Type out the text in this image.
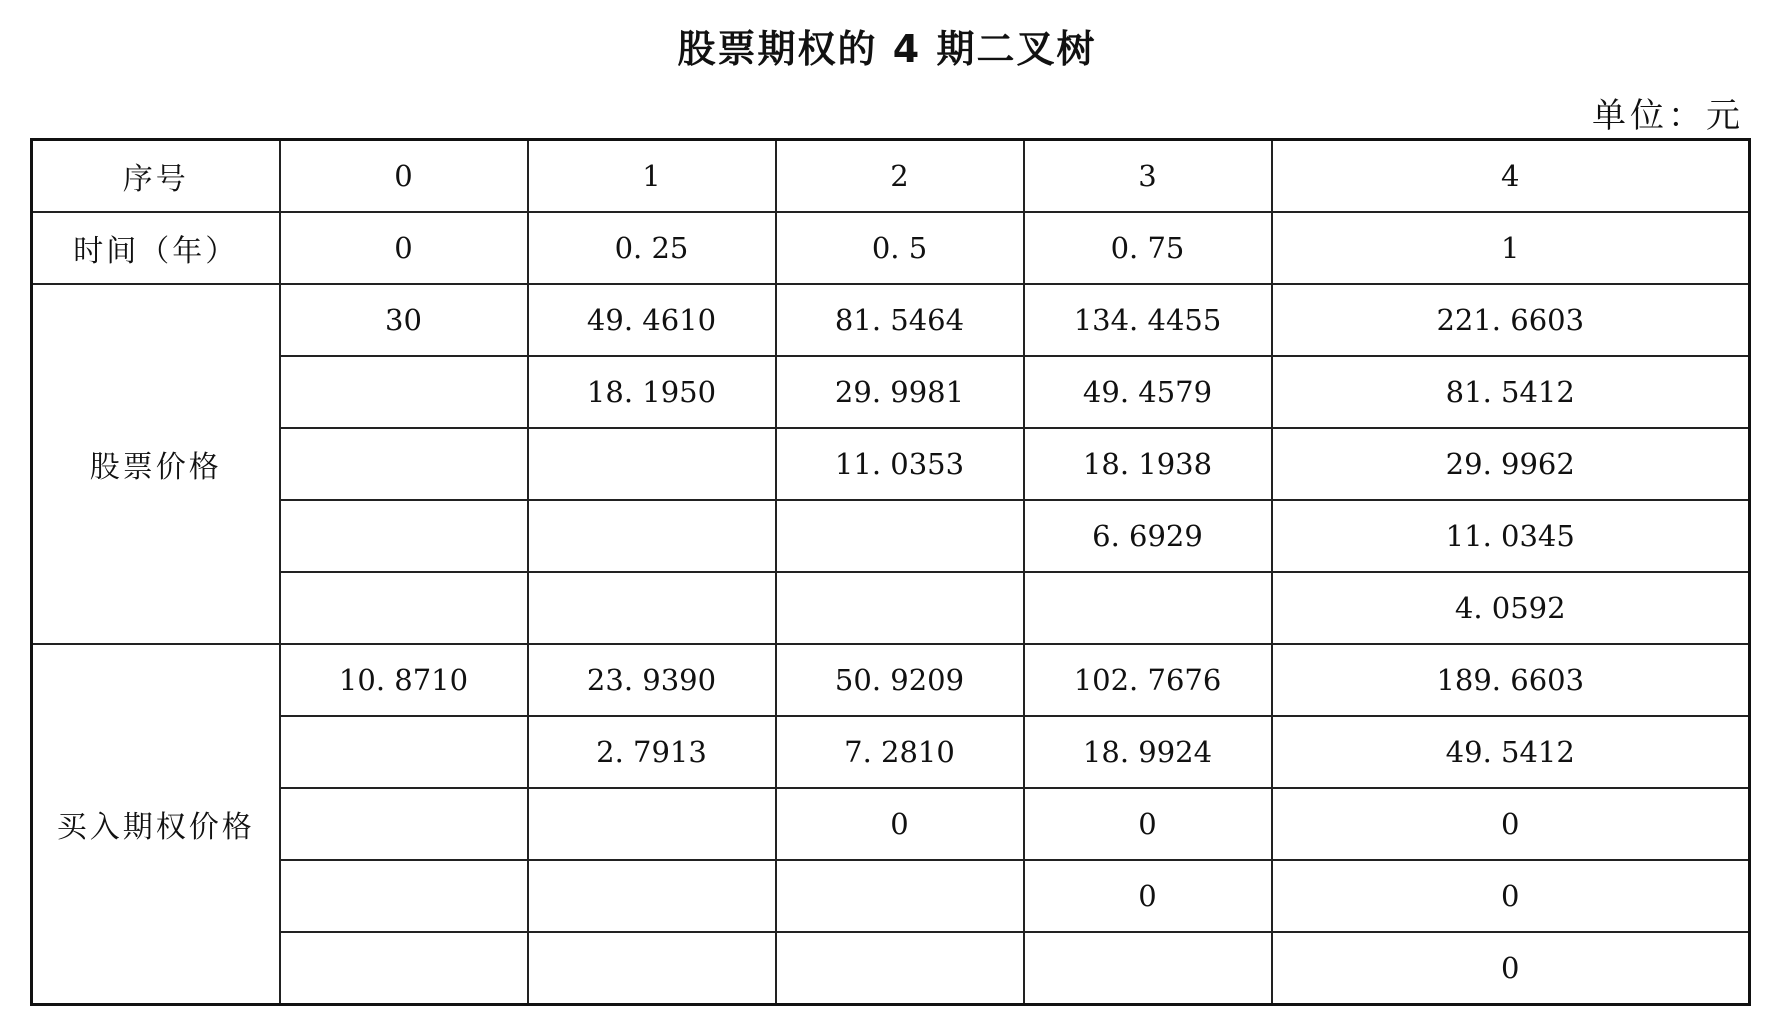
股票期权的 4 期二叉树
单位：元
序号	0	1	2	3	4
时间（年）	0	0. 25	0. 5	0. 75	1
股票价格	30	49. 4610	81. 5464	134. 4455	221. 6603
		18. 1950	29. 9981	49. 4579	81. 5412
			11. 0353	18. 1938	29. 9962
				6. 6929	11. 0345
					4. 0592
买入期权价格	10. 8710	23. 9390	50. 9209	102. 7676	189. 6603
		2. 7913	7. 2810	18. 9924	49. 5412
			0	0	0
				0	0
					0
